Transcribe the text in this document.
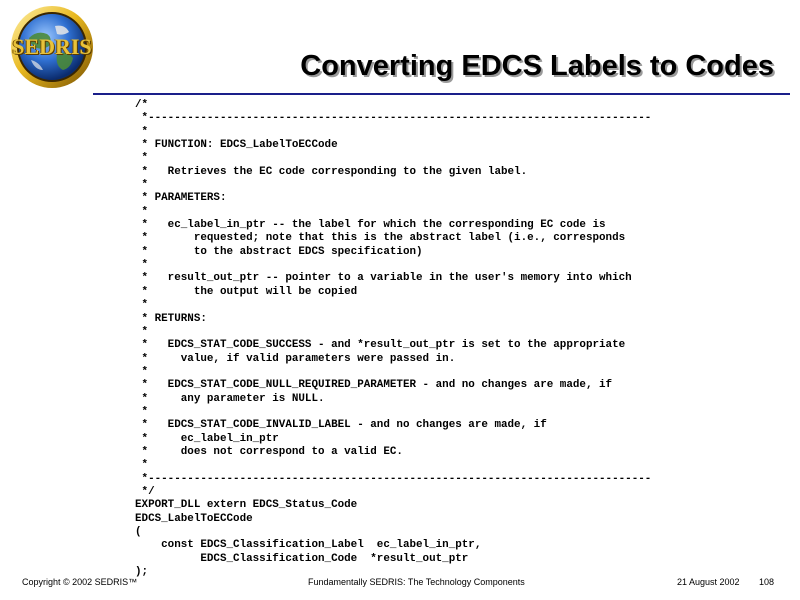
SEDRIS
Converting EDCS Labels to Codes
/*
*-----------------------------------------------------------------------------
*
* FUNCTION: EDCS_LabelToECCode
*
*   Retrieves the EC code corresponding to the given label.
*
* PARAMETERS:
*
*   ec_label_in_ptr -- the label for which the corresponding EC code is
*       requested; note that this is the abstract label (i.e., corresponds
*       to the abstract EDCS specification)
*
*   result_out_ptr -- pointer to a variable in the user's memory into which
*       the output will be copied
*
* RETURNS:
*
*   EDCS_STAT_CODE_SUCCESS - and *result_out_ptr is set to the appropriate
*     value, if valid parameters were passed in.
*
*   EDCS_STAT_CODE_NULL_REQUIRED_PARAMETER - and no changes are made, if
*     any parameter is NULL.
*
*   EDCS_STAT_CODE_INVALID_LABEL - and no changes are made, if
*     ec_label_in_ptr
*     does not correspond to a valid EC.
*
*-----------------------------------------------------------------------------
*/
EXPORT_DLL extern EDCS_Status_Code
EDCS_LabelToECCode
(
const EDCS_Classification_Label  ec_label_in_ptr,
EDCS_Classification_Code  *result_out_ptr
);
Copyright © 2002 SEDRIS™	Fundamentally SEDRIS: The Technology Components	21 August 2002 108
